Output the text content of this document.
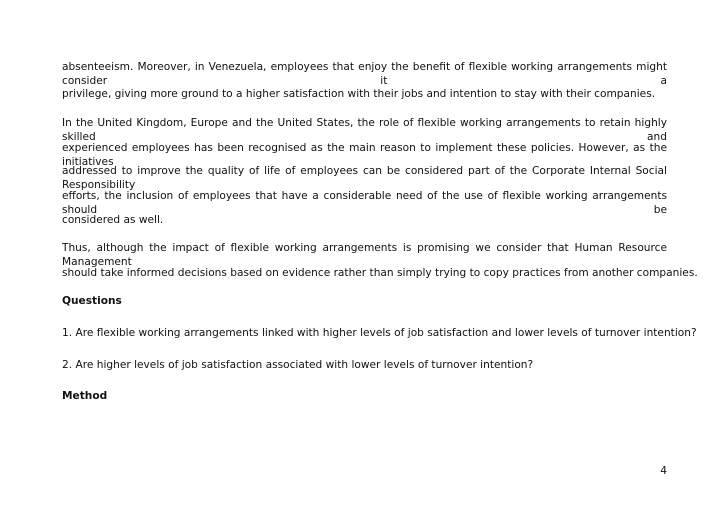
absenteeism. Moreover, in Venezuela, employees that enjoy the benefit of flexible working arrangements might consider it a
privilege, giving more ground to a higher satisfaction with their jobs and intention to stay with their companies.
In the United Kingdom, Europe and the United States, the role of flexible working arrangements to retain highly skilled and
experienced employees has been recognised as the main reason to implement these policies. However, as the initiatives
addressed to improve the quality of life of employees can be considered part of the Corporate Internal Social Responsibility
efforts, the inclusion of employees that have a considerable need of the use of flexible working arrangements should be
considered as well.
Thus, although the impact of flexible working arrangements is promising we consider that Human Resource Management
should take informed decisions based on evidence rather than simply trying to copy practices from another companies.
Questions
1. Are flexible working arrangements linked with higher levels of job satisfaction and lower levels of turnover intention?
2. Are higher levels of job satisfaction associated with lower levels of turnover intention?
Method
4
